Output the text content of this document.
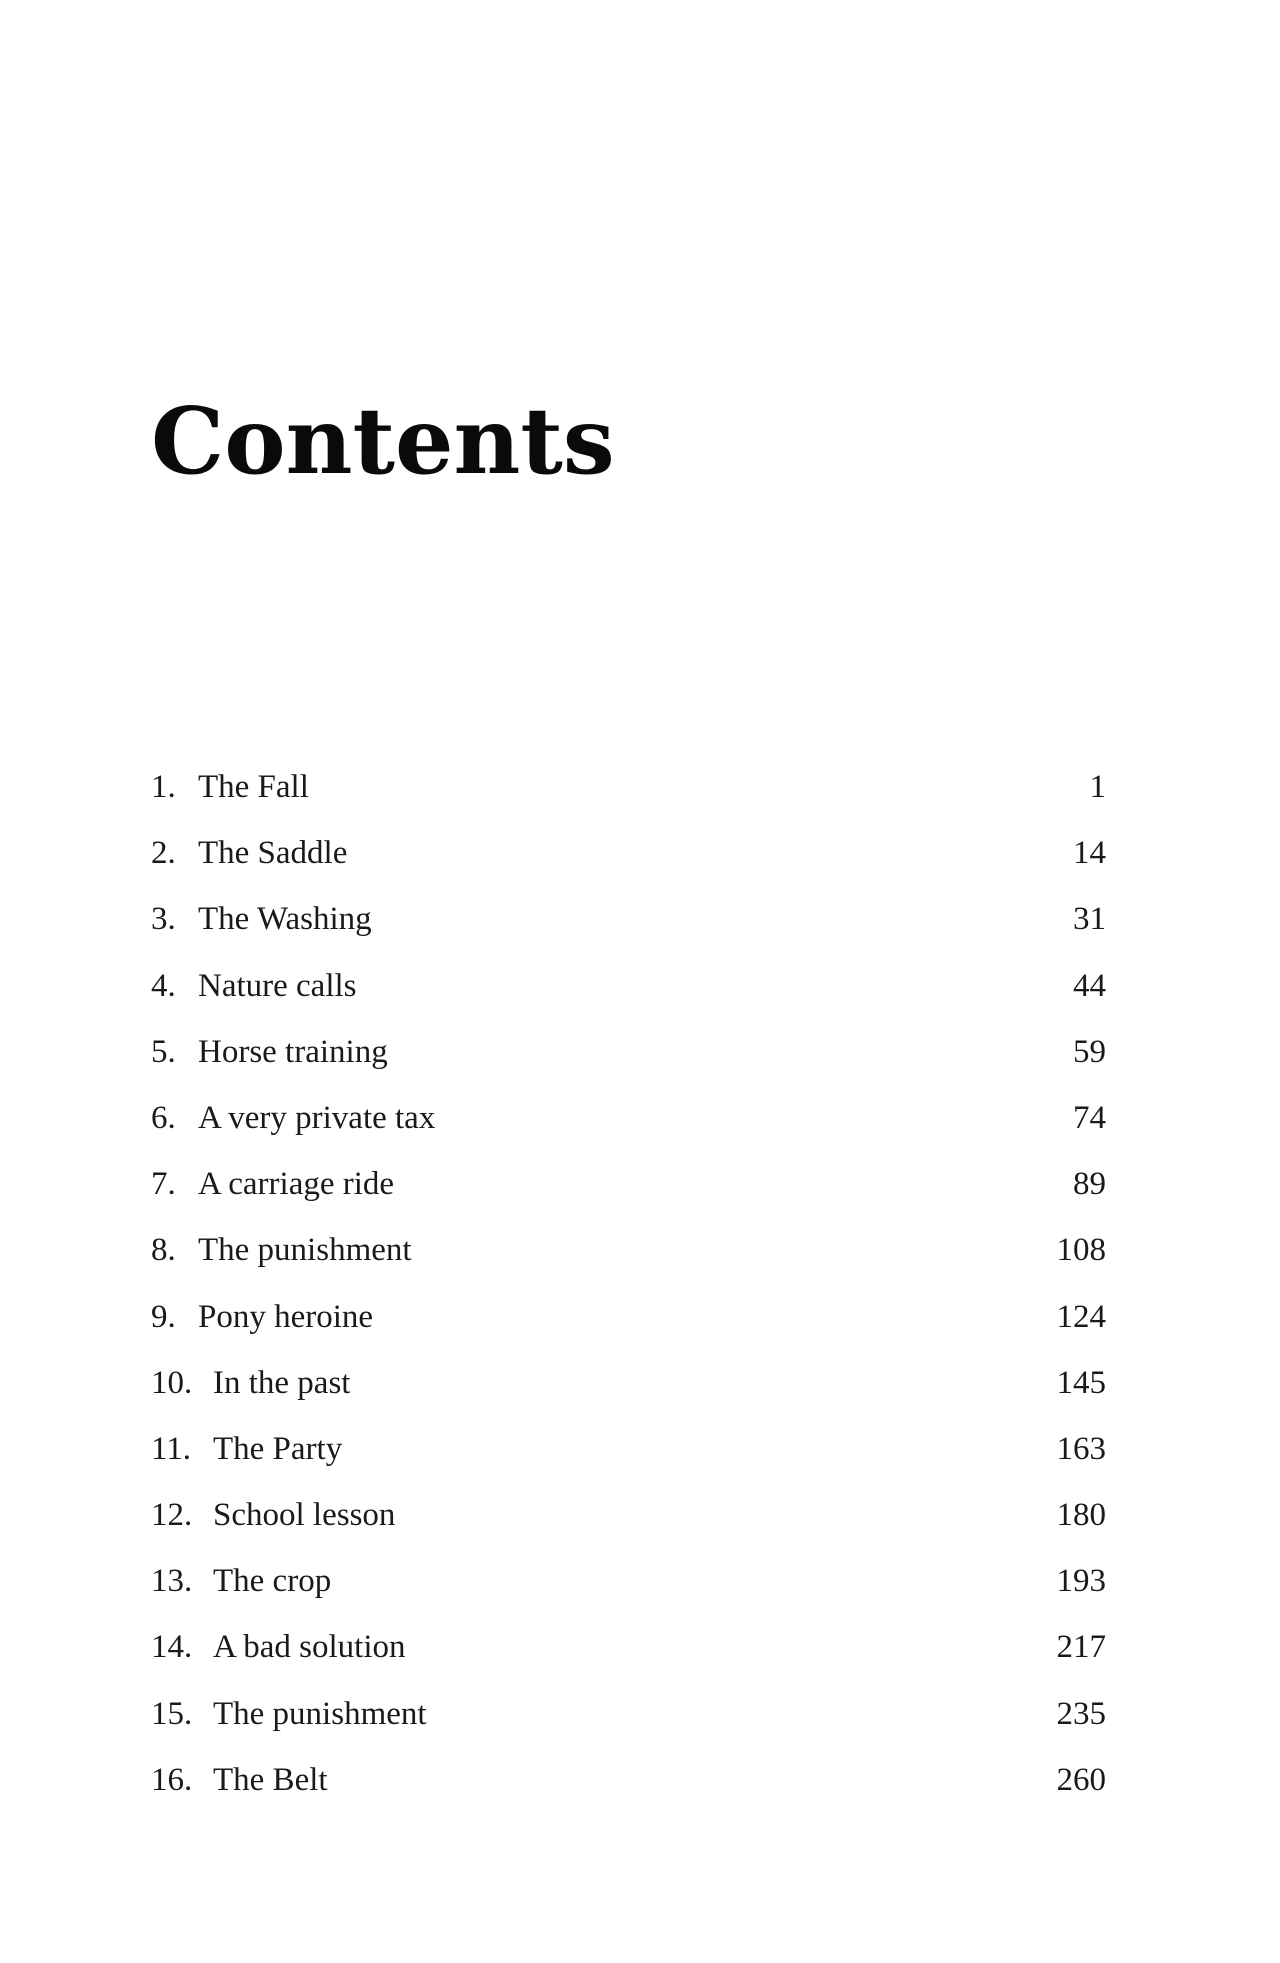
Contents
1. The Fall	1
2. The Saddle	14
3. The Washing	31
4. Nature calls	44
5. Horse training	59
6. A very private tax	74
7. A carriage ride	89
8. The punishment	108
9. Pony heroine	124
10. In the past	145
11. The Party	163
12. School lesson	180
13. The crop	193
14. A bad solution	217
15. The punishment	235
16. The Belt	260
